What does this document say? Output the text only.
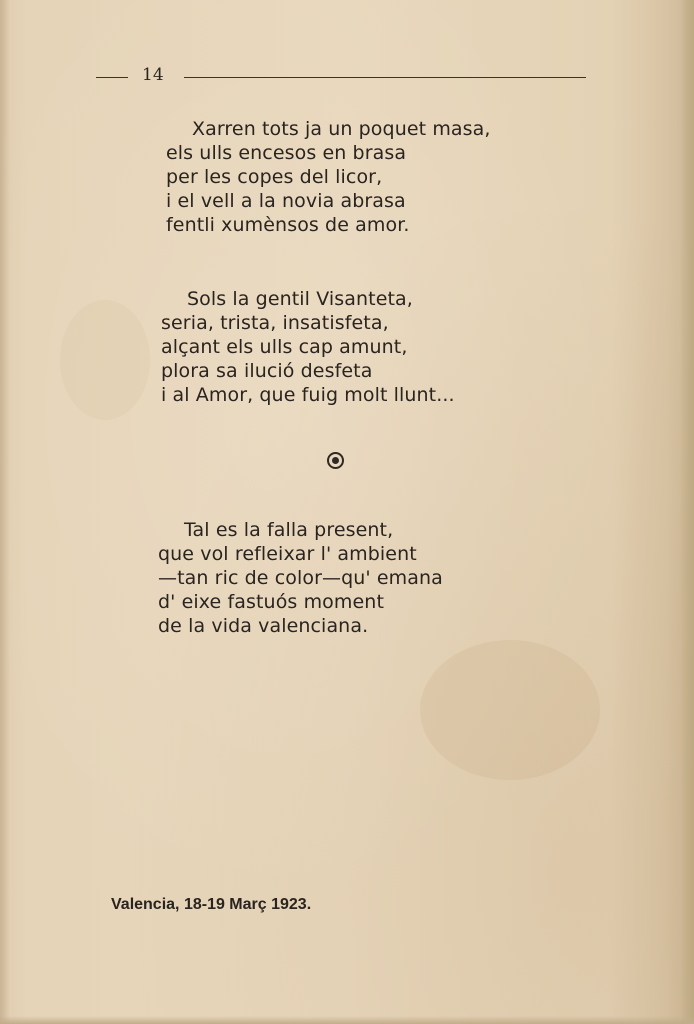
14

Xarren tots ja un poquet masa,
els ulls encesos en brasa
per les copes del licor,
i el vell a la novia abrasa
fentli xumènsos de amor.

Sols la gentil Visanteta,
seria, trista, insatisfeta,
alçant els ulls cap amunt,
plora sa ilució desfeta
i al Amor, que fuig molt llunt...

Tal es la falla present,
que vol refleixar l' ambient
—tan ric de color—qu' emana
d' eixe fastuós moment
de la vida valenciana.

Valencia, 18-19 Març 1923.
